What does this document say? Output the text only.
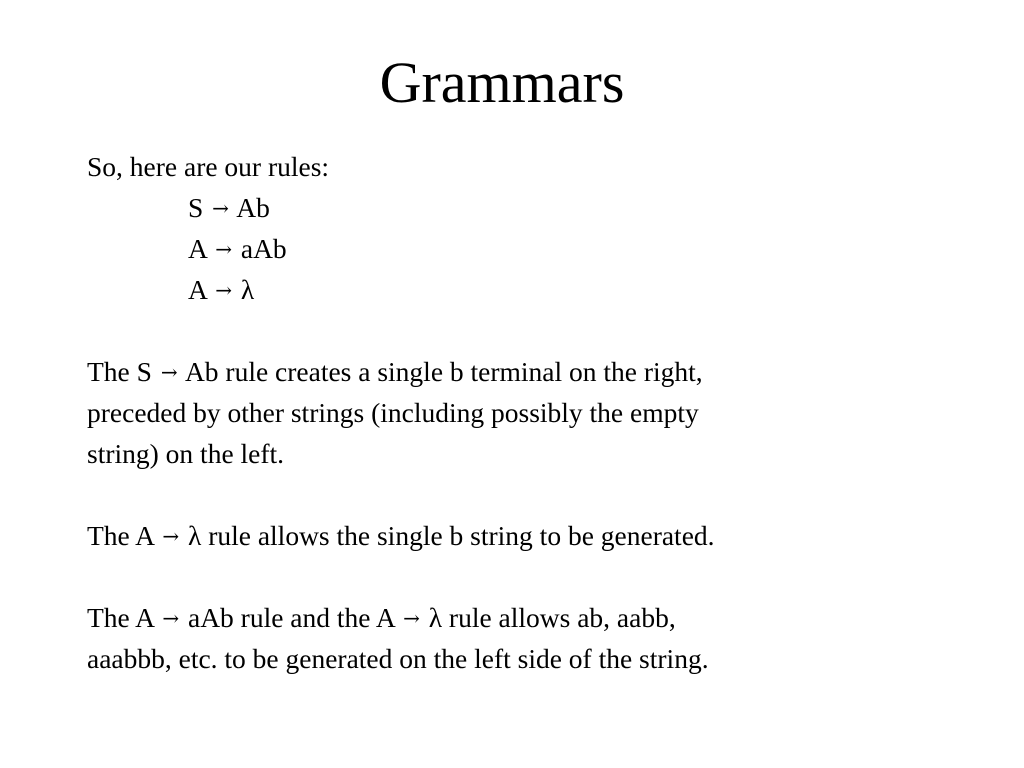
Grammars
So, here are our rules:
S → Ab
A → aAb
A → λ
The S → Ab rule creates a single b terminal on the right,
preceded by other strings (including possibly the empty
string) on the left.
The A → λ rule allows the single b string to be generated.
The A → aAb rule and the A → λ rule allows ab, aabb,
aaabbb, etc. to be generated on the left side of the string.
